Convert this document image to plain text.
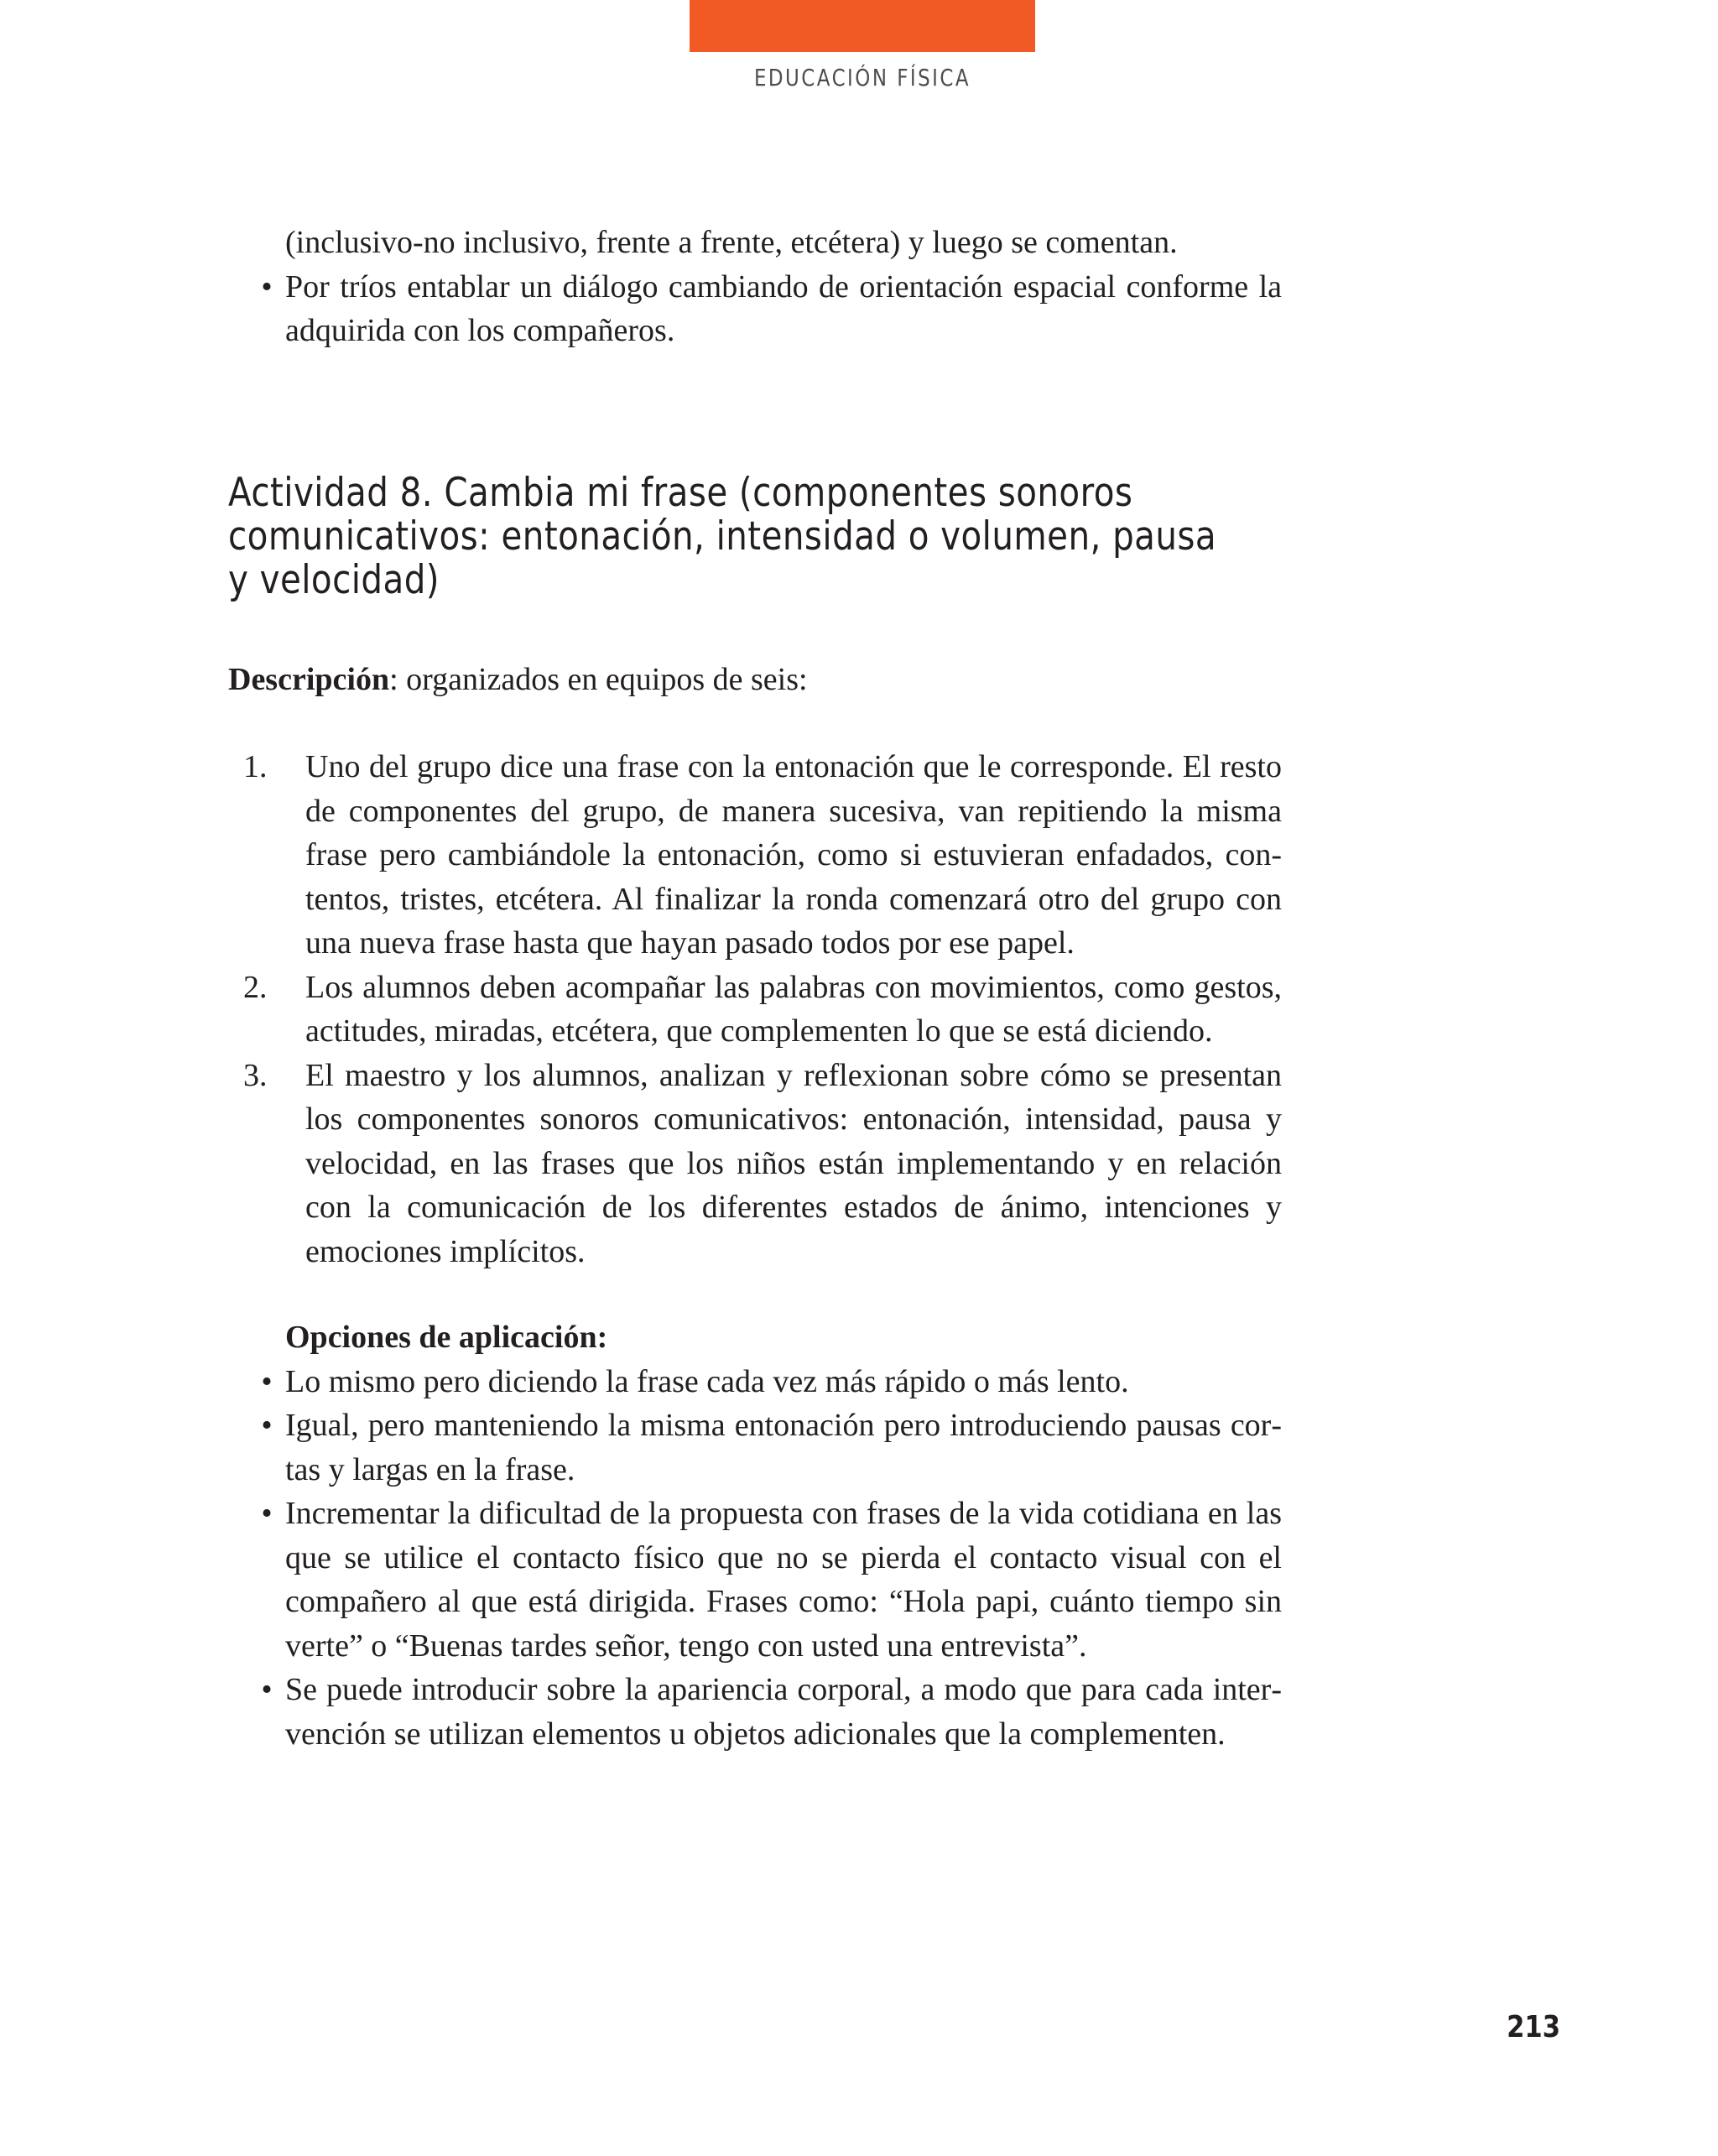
EDUCACIÓN FÍSICA
(inclusivo-no inclusivo, frente a frente, etcétera) y luego se comentan.
• Por tríos entablar un diálogo cambiando de orientación espacial conforme la adquirida con los compañeros.
Actividad 8. Cambia mi frase (componentes sonoros
comunicativos: entonación, intensidad o volumen, pausa
y velocidad)
Descripción: organizados en equipos de seis:
1. Uno del grupo dice una frase con la entonación que le corresponde. El resto de componentes del grupo, de manera sucesiva, van repitiendo la misma frase pero cambiándole la entonación, como si estuvieran enfadados, contentos, tristes, etcétera. Al finalizar la ronda comenzará otro del grupo con una nueva frase hasta que hayan pasado todos por ese papel.
2. Los alumnos deben acompañar las palabras con movimientos, como gestos, actitudes, miradas, etcétera, que complementen lo que se está diciendo.
3. El maestro y los alumnos, analizan y reflexionan sobre cómo se presentan los componentes sonoros comunicativos: entonación, intensidad, pausa y velocidad, en las frases que los niños están implementando y en relación con la comunicación de los diferentes estados de ánimo, intenciones y emociones implícitos.
Opciones de aplicación:
• Lo mismo pero diciendo la frase cada vez más rápido o más lento.
• Igual, pero manteniendo la misma entonación pero introduciendo pausas cortas y largas en la frase.
• Incrementar la dificultad de la propuesta con frases de la vida cotidiana en las que se utilice el contacto físico que no se pierda el contacto visual con el compañero al que está dirigida. Frases como: “Hola papi, cuánto tiempo sin verte” o “Buenas tardes señor, tengo con usted una entrevista”.
• Se puede introducir sobre la apariencia corporal, a modo que para cada intervención se utilizan elementos u objetos adicionales que la complementen.
213
